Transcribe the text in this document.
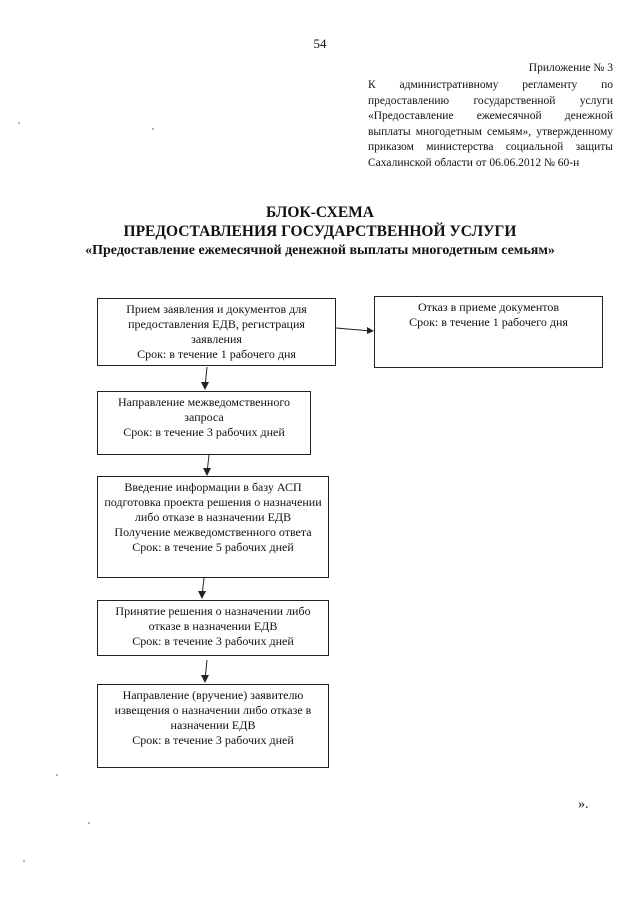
54
Приложение № 3
К административному регламенту по предоставлению государственной услуги «Предоставление ежемесячной денежной выплаты многодетным семьям», утвержденному приказом министерства социальной защиты Сахалинской области от 06.06.2012 № 60-н
БЛОК-СХЕМА
ПРЕДОСТАВЛЕНИЯ ГОСУДАРСТВЕННОЙ УСЛУГИ
«Предоставление ежемесячной денежной выплаты многодетным семьям»
Прием заявления и документов для предоставления ЕДВ, регистрация заявления
Срок: в течение 1 рабочего дня
Отказ в приеме документов
Срок: в течение 1 рабочего дня
Направление межведомственного запроса
Срок: в течение 3 рабочих дней
Введение информации в базу АСП подготовка проекта решения о назначении либо отказе в назначении ЕДВ
Получение межведомственного ответа
Срок: в течение 5 рабочих дней
Принятие решения о назначении либо отказе в назначении ЕДВ
Срок: в течение 3 рабочих дней
Направление (вручение) заявителю извещения о назначении либо отказе в назначении ЕДВ
Срок: в течение 3 рабочих дней
».
